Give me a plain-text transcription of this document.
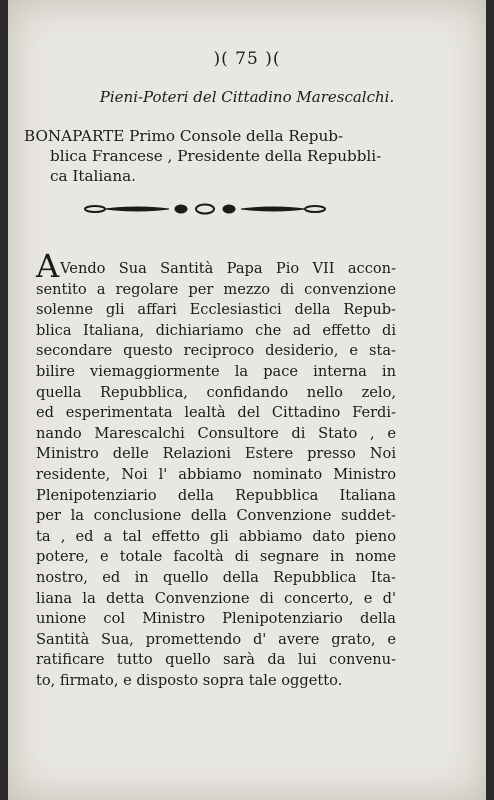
)( 75 )(
Pieni-Poteri del Cittadino Marescalchi.
BONAPARTE Primo Console della Repub-
blica Francese , Presidente della Repubbli-
ca Italiana.
AVendo Sua Santità Papa Pio VII accon-
sentito a regolare per mezzo di convenzione
solenne gli affari Ecclesiastici della Repub-
blica Italiana, dichiariamo che ad effetto di
secondare questo reciproco desiderio, e sta-
bilire viemaggiormente la pace interna in
quella Repubblica, confidando nello zelo,
ed esperimentata lealtà del Cittadino Ferdi-
nando Marescalchi Consultore di Stato , e
Ministro delle Relazioni Estere presso Noi
residente, Noi l' abbiamo nominato Ministro
Plenipotenziario della Repubblica Italiana
per la conclusione della Convenzione suddet-
ta , ed a tal effetto gli abbiamo dato pieno
potere, e totale facoltà di segnare in nome
nostro, ed in quello della Repubblica Ita-
liana la detta Convenzione di concerto, e d'
unione col Ministro Plenipotenziario della
Santità Sua, promettendo d' avere grato, e
ratificare tutto quello sarà da lui convenu-
to, firmato, e disposto sopra tale oggetto.
